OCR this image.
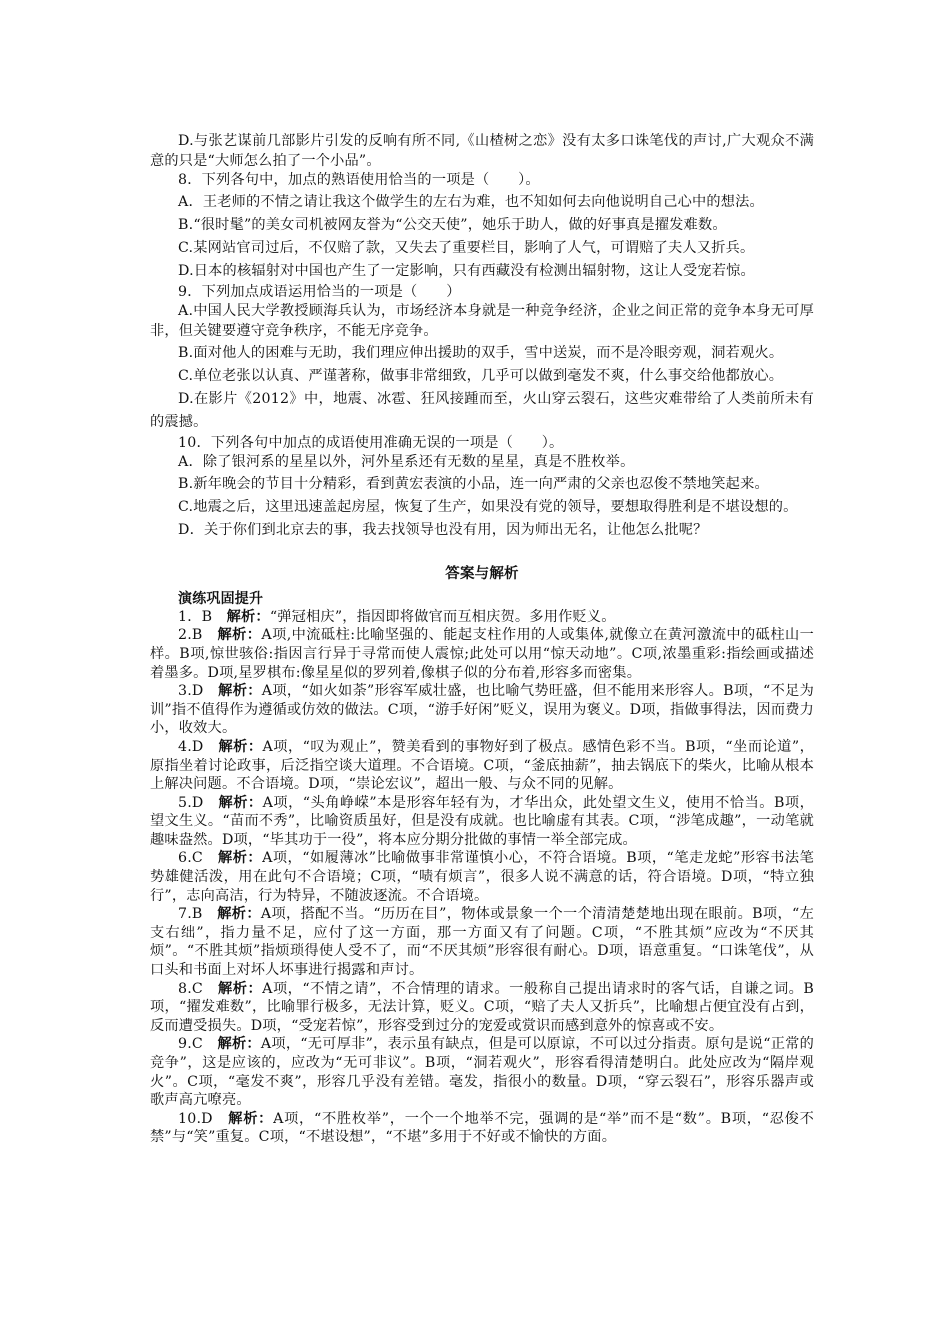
D.与张艺谋前几部影片引发的反响有所不同,《山楂树之恋》没有太多口诛笔伐的声讨,广大观众不满意的只是“大师怎么拍了一个小品”。

8．下列各句中，加点的熟语使用恰当的一项是（　　）。

A．王老师的不情之请让我这个做学生的左右为难，也不知如何去向他说明自己心中的想法。

B.“很时髦”的美女司机被网友誉为“公交天使”，她乐于助人，做的好事真是擢发难数。

C.某网站官司过后，不仅赔了款，又失去了重要栏目，影响了人气，可谓赔了夫人又折兵。

D.日本的核辐射对中国也产生了一定影响，只有西藏没有检测出辐射物，这让人受宠若惊。

9．下列加点成语运用恰当的一项是（　　）

A.中国人民大学教授顾海兵认为，市场经济本身就是一种竞争经济，企业之间正常的竞争本身无可厚非，但关键要遵守竞争秩序，不能无序竞争。

B.面对他人的困难与无助，我们理应伸出援助的双手，雪中送炭，而不是冷眼旁观，洞若观火。

C.单位老张以认真、严谨著称，做事非常细致，几乎可以做到毫发不爽，什么事交给他都放心。

D.在影片《2012》中，地震、冰雹、狂风接踵而至，火山穿云裂石，这些灾难带给了人类前所未有的震撼。

10．下列各句中加点的成语使用准确无误的一项是（　　）。

A．除了银河系的星星以外，河外星系还有无数的星星，真是不胜枚举。

B.新年晚会的节目十分精彩，看到黄宏表演的小品，连一向严肃的父亲也忍俊不禁地笑起来。

C.地震之后，这里迅速盖起房屋，恢复了生产，如果没有党的领导，要想取得胜利是不堪设想的。

D．关于你们到北京去的事，我去找领导也没有用，因为师出无名，让他怎么批呢？

答案与解析
演练巩固提升

1．B　解析：“弹冠相庆”，指因即将做官而互相庆贺。多用作贬义。

2.B　解析：A项,中流砥柱:比喻坚强的、能起支柱作用的人或集体,就像立在黄河激流中的砥柱山一样。B项,惊世骇俗:指因言行异于寻常而使人震惊;此处可以用“惊天动地”。C项,浓墨重彩:指绘画或描述着墨多。D项,星罗棋布:像星星似的罗列着,像棋子似的分布着,形容多而密集。

3.D　解析：A项，“如火如荼”形容军威壮盛，也比喻气势旺盛，但不能用来形容人。B项，“不足为训”指不值得作为遵循或仿效的做法。C项，“游手好闲”贬义，误用为褒义。D项，指做事得法，因而费力小，收效大。

4.D　解析：A项，“叹为观止”，赞美看到的事物好到了极点。感情色彩不当。B项，“坐而论道”，原指坐着讨论政事，后泛指空谈大道理。不合语境。C项，“釜底抽薪”，抽去锅底下的柴火，比喻从根本上解决问题。不合语境。D项，“崇论宏议”，超出一般、与众不同的见解。

5.D　解析：A项，“头角峥嵘”本是形容年轻有为，才华出众，此处望文生义，使用不恰当。B项，望文生义。“苗而不秀”，比喻资质虽好，但是没有成就。也比喻虚有其表。C项，“涉笔成趣”，一动笔就趣味盎然。D项，“毕其功于一役”，将本应分期分批做的事情一举全部完成。

6.C　解析：A项，“如履薄冰”比喻做事非常谨慎小心，不符合语境。B项，“笔走龙蛇”形容书法笔势雄健活泼，用在此句不合语境；C项，“啧有烦言”，很多人说不满意的话，符合语境。D项，“特立独行”，志向高洁，行为特异，不随波逐流。不合语境。

7.B　解析：A项，搭配不当。“历历在目”，物体或景象一个一个清清楚楚地出现在眼前。B项，“左支右绌”，指力量不足，应付了这一方面，那一方面又有了问题。C项，“不胜其烦”应改为“不厌其烦”。“不胜其烦”指烦琐得使人受不了，而“不厌其烦”形容很有耐心。D项，语意重复。“口诛笔伐”，从口头和书面上对坏人坏事进行揭露和声讨。

8.C　解析：A项，“不情之请”，不合情理的请求。一般称自己提出请求时的客气话，自谦之词。B项，“擢发难数”，比喻罪行极多，无法计算，贬义。C项，“赔了夫人又折兵”，比喻想占便宜没有占到，反而遭受损失。D项，“受宠若惊”，形容受到过分的宠爱或赏识而感到意外的惊喜或不安。

9.C　解析：A项，“无可厚非”，表示虽有缺点，但是可以原谅，不可以过分指责。原句是说“正常的竞争”，这是应该的，应改为“无可非议”。B项，“洞若观火”，形容看得清楚明白。此处应改为“隔岸观火”。C项，“毫发不爽”，形容几乎没有差错。毫发，指很小的数量。D项，“穿云裂石”，形容乐器声或歌声高亢嘹亮。

10.D　解析：A项，“不胜枚举”，一个一个地举不完，强调的是“举”而不是“数”。B项，“忍俊不禁”与“笑”重复。C项，“不堪设想”，“不堪”多用于不好或不愉快的方面。
